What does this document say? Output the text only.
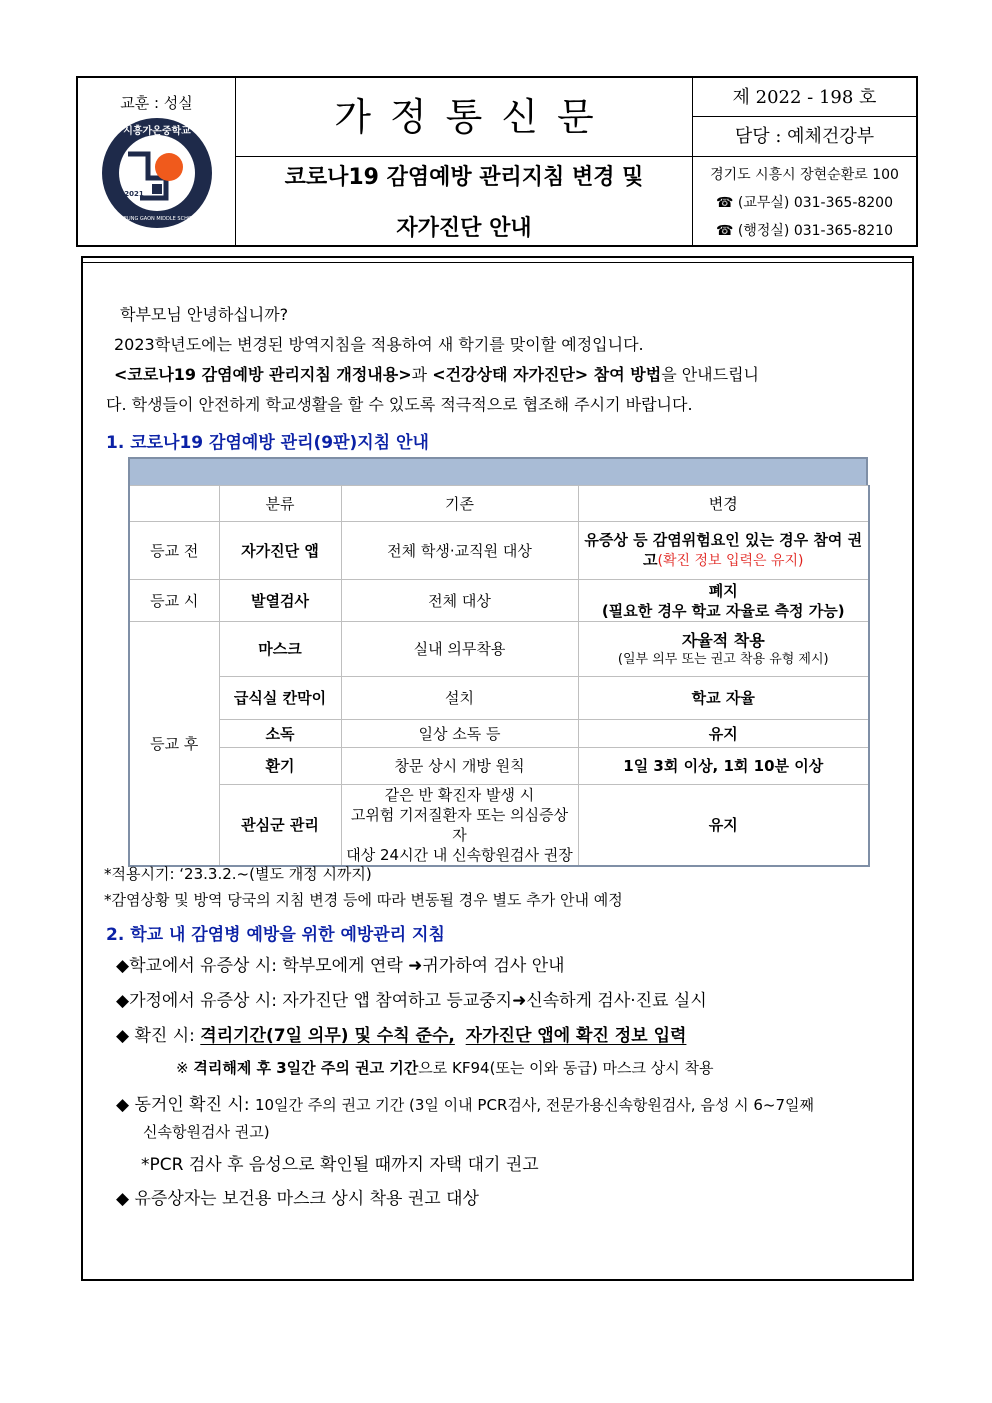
교훈 : 성실
시흥가온중학교
SIHEUNG GAON MIDDLE SCHOOL
2021
가정통신문
코로나19 감염예방 관리지침 변경 및
자가진단 안내
제 2022 - 198 호
담당 : 예체건강부
경기도 시흥시 장현순환로 100
☎ (교무실) 031-365-8200
☎ (행정실) 031-365-8210
학부모님 안녕하십니까?
2023학년도에는 변경된 방역지침을 적용하여 새 학기를 맞이할 예정입니다.
<코로나19 감염예방 관리지침 개정내용>과 <건강상태 자가진단> 참여 방법을 안내드립니
다. 학생들이 안전하게 학교생활을 할 수 있도록 적극적으로 협조해 주시기 바랍니다.
1. 코로나19 감염예방 관리(9판)지침 안내
	분류	기존	변경
등교 전	자가진단 앱	전체 학생·교직원 대상	유증상 등 감염위험요인 있는 경우 참여 권고(확진 정보 입력은 유지)
등교 시	발열검사	전체 대상	폐지
(필요한 경우 학교 자율로 측정 가능)

등교 후	마스크	실내 의무착용	자율적 착용
(일부 의무 또는 권고 착용 유형 제시)

	급식실 칸막이	설치	학교 자율
	소독	일상 소독 등	유지
	환기	창문 상시 개방 원칙	1일 3회 이상, 1회 10분 이상
	관심군 관리	같은 반 확진자 발생 시
고위험 기저질환자 또는 의심증상자
대상 24시간 내 신속항원검사 권장	유지
*적용시기: ‘23.3.2.~(별도 개정 시까지)
*감염상황 및 방역 당국의 지침 변경 등에 따라 변동될 경우 별도 추가 안내 예정
2. 학교 내 감염병 예방을 위한 예방관리 지침
◆학교에서 유증상 시: 학부모에게 연락 ➜귀가하여 검사 안내
◆가정에서 유증상 시: 자가진단 앱 참여하고 등교중지➜신속하게 검사·진료 실시
◆ 확진 시: 격리기간(7일 의무) 및 수칙 준수, 자가진단 앱에 확진 정보 입력
※ 격리해제 후 3일간 주의 권고 기간으로 KF94(또는 이와 동급) 마스크 상시 착용
◆ 동거인 확진 시: 10일간 주의 권고 기간 (3일 이내 PCR검사, 전문가용신속항원검사, 음성 시 6~7일째
신속항원검사 권고)
*PCR 검사 후 음성으로 확인될 때까지 자택 대기 권고
◆ 유증상자는 보건용 마스크 상시 착용 권고 대상
